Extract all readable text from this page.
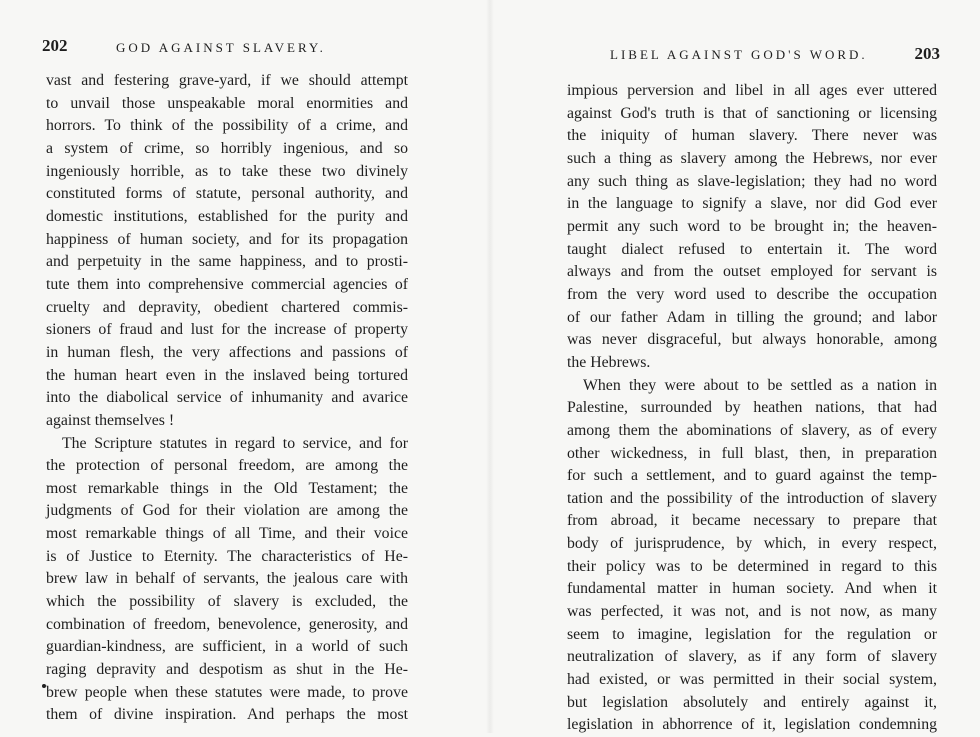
202	GOD AGAINST SLAVERY.
vast and festering grave-yard, if we should attempt
to unvail those unspeakable moral enormities and
horrors. To think of the possibility of a crime, and
a system of crime, so horribly ingenious, and so
ingeniously horrible, as to take these two divinely
constituted forms of statute, personal authority, and
domestic institutions, established for the purity and
happiness of human society, and for its propagation
and perpetuity in the same happiness, and to prosti-
tute them into comprehensive commercial agencies of
cruelty and depravity, obedient chartered commis-
sioners of fraud and lust for the increase of property
in human flesh, the very affections and passions of
the human heart even in the inslaved being tortured
into the diabolical service of inhumanity and avarice
against themselves !
The Scripture statutes in regard to service, and for
the protection of personal freedom, are among the
most remarkable things in the Old Testament; the
judgments of God for their violation are among the
most remarkable things of all Time, and their voice
is of Justice to Eternity. The characteristics of He-
brew law in behalf of servants, the jealous care with
which the possibility of slavery is excluded, the
combination of freedom, benevolence, generosity, and
guardian-kindness, are sufficient, in a world of such
raging depravity and despotism as shut in the He-
brew people when these statutes were made, to prove
them of divine inspiration. And perhaps the most
LIBEL AGAINST GOD'S WORD.	203
impious perversion and libel in all ages ever uttered
against God's truth is that of sanctioning or licensing
the iniquity of human slavery. There never was
such a thing as slavery among the Hebrews, nor ever
any such thing as slave-legislation; they had no word
in the language to signify a slave, nor did God ever
permit any such word to be brought in; the heaven-
taught dialect refused to entertain it. The word
always and from the outset employed for servant is
from the very word used to describe the occupation
of our father Adam in tilling the ground; and labor
was never disgraceful, but always honorable, among
the Hebrews.
When they were about to be settled as a nation in
Palestine, surrounded by heathen nations, that had
among them the abominations of slavery, as of every
other wickedness, in full blast, then, in preparation
for such a settlement, and to guard against the temp-
tation and the possibility of the introduction of slavery
from abroad, it became necessary to prepare that
body of jurisprudence, by which, in every respect,
their policy was to be determined in regard to this
fundamental matter in human society. And when it
was perfected, it was not, and is not now, as many
seem to imagine, legislation for the regulation or
neutralization of slavery, as if any form of slavery
had existed, or was permitted in their social system,
but legislation absolutely and entirely against it,
legislation in abhorrence of it, legislation condemning
